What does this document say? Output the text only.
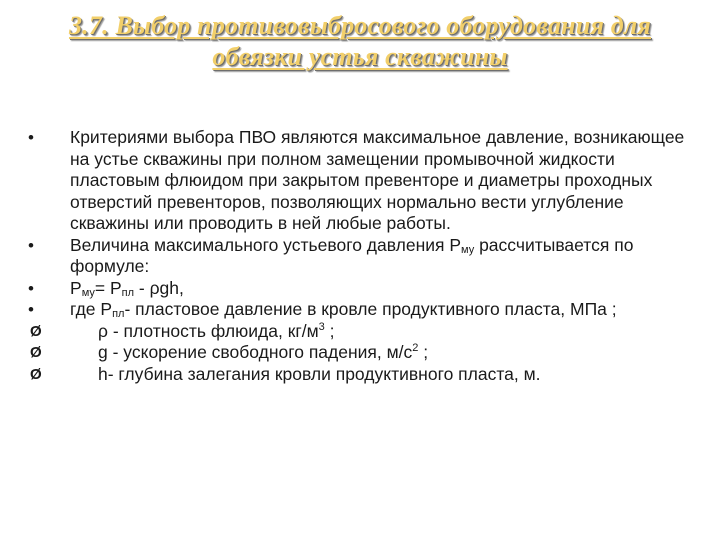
3.7. Выбор противовыбросового оборудования для
обвязки устья скважины
•	Критериями выбора ПВО являются максимальное давление, возникающее на устье скважины при полном замещении промывочной жидкости пластовым флюидом при закрытом превенторе и диаметры проходных отверстий превенторов, позволяющих нормально вести углубление скважины или проводить в ней любые работы.
•	Величина максимального устьевого давления $Р_{му}$ рассчитывается по формуле:
•	$Р_{му}= Р_{пл} - \rho gh$,
•	где $Р_{пл}-$ пластовое давление в кровле продуктивного пласта, МПа ;
Ø	ρ - плотность флюида, $кг/м^3$ ;
Ø	g - ускорение свободного падения, $м/с^2$ ;
Ø	h- глубина залегания кровли продуктивного пласта, м.
